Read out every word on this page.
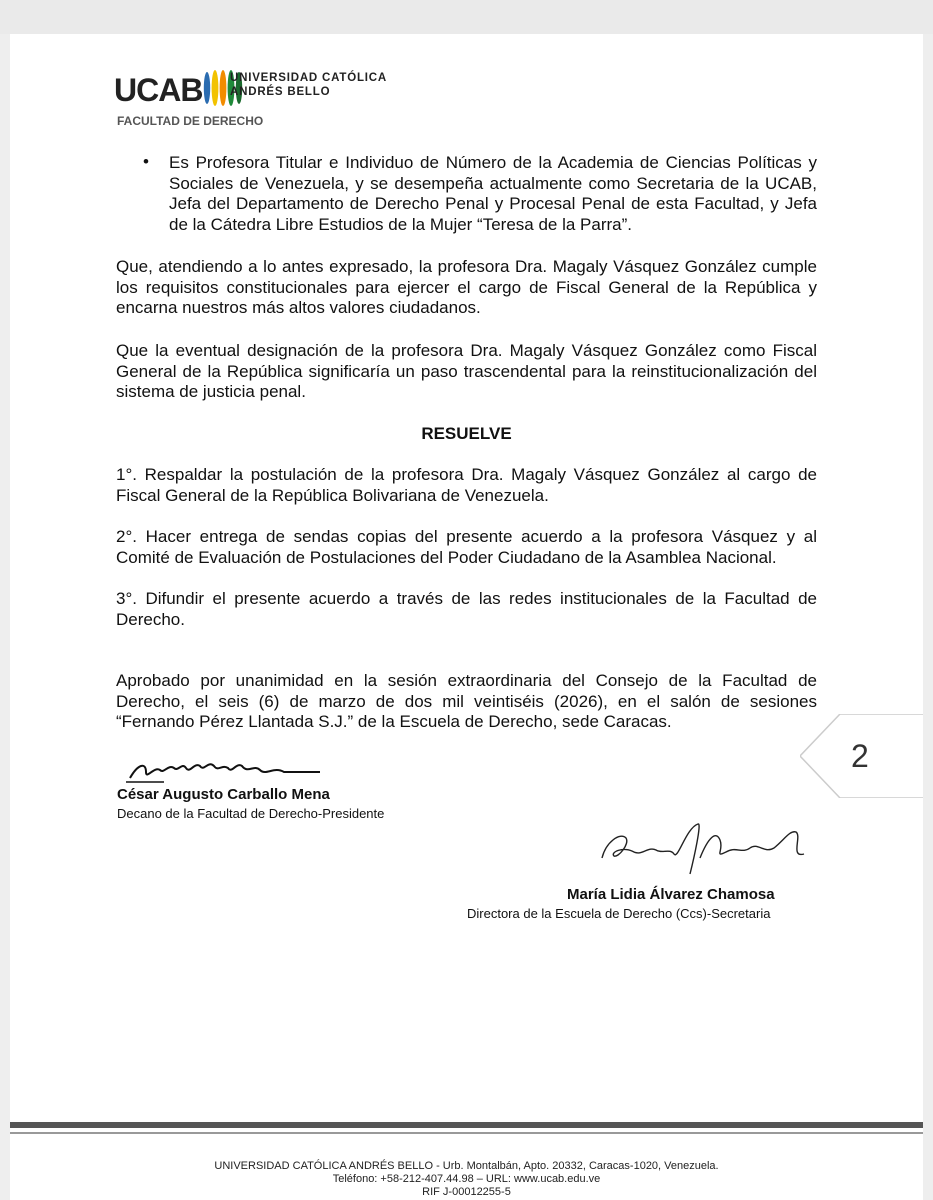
UCAB UNIVERSIDAD CATÓLICA
ANDRÉS BELLO
FACULTAD DE DERECHO
• Es Profesora Titular e Individuo de Número de la Academia de Ciencias Políticas y Sociales de Venezuela, y se desempeña actualmente como Secretaria de la UCAB, Jefa del Departamento de Derecho Penal y Procesal Penal de esta Facultad, y Jefa de la Cátedra Libre Estudios de la Mujer “Teresa de la Parra”.
Que, atendiendo a lo antes expresado, la profesora Dra. Magaly Vásquez González cumple los requisitos constitucionales para ejercer el cargo de Fiscal General de la República y encarna nuestros más altos valores ciudadanos.
Que la eventual designación de la profesora Dra. Magaly Vásquez González como Fiscal General de la República significaría un paso trascendental para la reinstitucionalización del sistema de justicia penal.
RESUELVE
1°. Respaldar la postulación de la profesora Dra. Magaly Vásquez González al cargo de Fiscal General de la República Bolivariana de Venezuela.
2°. Hacer entrega de sendas copias del presente acuerdo a la profesora Vásquez y al Comité de Evaluación de Postulaciones del Poder Ciudadano de la Asamblea Nacional.
3°. Difundir el presente acuerdo a través de las redes institucionales de la Facultad de Derecho.
Aprobado por unanimidad en la sesión extraordinaria del Consejo de la Facultad de Derecho, el seis (6) de marzo de dos mil veintiséis (2026), en el salón de sesiones “Fernando Pérez Llantada S.J.” de la Escuela de Derecho, sede Caracas.
César Augusto Carballo Mena
Decano de la Facultad de Derecho-Presidente
María Lidia Álvarez Chamosa
Directora de la Escuela de Derecho (Ccs)-Secretaria
2
UNIVERSIDAD CATÓLICA ANDRÉS BELLO - Urb. Montalbán, Apto. 20332, Caracas-1020, Venezuela.
Teléfono: +58-212-407.44.98 – URL: www.ucab.edu.ve
RIF J-00012255-5
